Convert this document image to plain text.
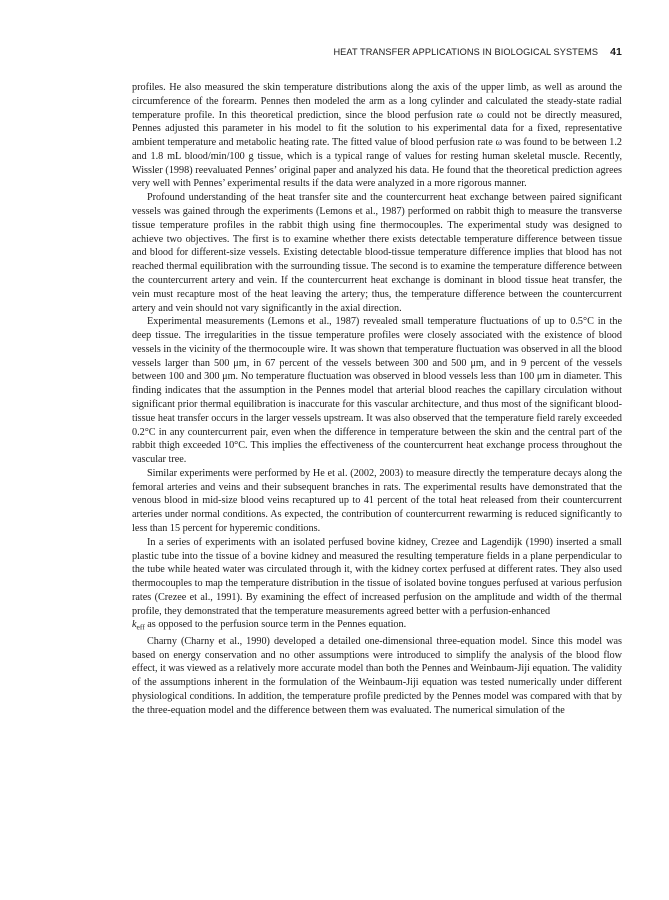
HEAT TRANSFER APPLICATIONS IN BIOLOGICAL SYSTEMS 41

profiles. He also measured the skin temperature distributions along the axis of the upper limb, as well as around the circumference of the forearm. Pennes then modeled the arm as a long cylinder and calculated the steady-state radial temperature profile. In this theoretical prediction, since the blood perfusion rate ω could not be directly measured, Pennes adjusted this parameter in his model to fit the solution to his experimental data for a fixed, representative ambient temperature and metabolic heating rate. The fitted value of blood perfusion rate ω was found to be between 1.2 and 1.8 mL blood/min/100 g tissue, which is a typical range of values for resting human skeletal muscle. Recently, Wissler (1998) reevaluated Pennes’ original paper and analyzed his data. He found that the theoretical prediction agrees very well with Pennes’ experimental results if the data were analyzed in a more rigorous manner.

Profound understanding of the heat transfer site and the countercurrent heat exchange between paired significant vessels was gained through the experiments (Lemons et al., 1987) performed on rabbit thigh to measure the transverse tissue temperature profiles in the rabbit thigh using fine thermocouples. The experimental study was designed to achieve two objectives. The first is to examine whether there exists detectable temperature difference between tissue and blood for different-size vessels. Existing detectable blood-tissue temperature difference implies that blood has not reached thermal equilibration with the surrounding tissue. The second is to examine the temperature difference between the countercurrent artery and vein. If the countercurrent heat exchange is dominant in blood tissue heat transfer, the vein must recapture most of the heat leaving the artery; thus, the temperature difference between the countercurrent artery and vein should not vary significantly in the axial direction.

Experimental measurements (Lemons et al., 1987) revealed small temperature fluctuations of up to 0.5°C in the deep tissue. The irregularities in the tissue temperature profiles were closely associated with the existence of blood vessels in the vicinity of the thermocouple wire. It was shown that temperature fluctuation was observed in all the blood vessels larger than 500 μm, in 67 percent of the vessels between 300 and 500 μm, and in 9 percent of the vessels between 100 and 300 μm. No temperature fluctuation was observed in blood vessels less than 100 μm in diameter. This finding indicates that the assumption in the Pennes model that arterial blood reaches the capillary circulation without significant prior thermal equilibration is inaccurate for this vascular architecture, and thus most of the significant blood-tissue heat transfer occurs in the larger vessels upstream. It was also observed that the temperature field rarely exceeded 0.2°C in any countercurrent pair, even when the difference in temperature between the skin and the central part of the rabbit thigh exceeded 10°C. This implies the effectiveness of the countercurrent heat exchange process throughout the vascular tree.

Similar experiments were performed by He et al. (2002, 2003) to measure directly the temperature decays along the femoral arteries and veins and their subsequent branches in rats. The experimental results have demonstrated that the venous blood in mid-size blood veins recaptured up to 41 percent of the total heat released from their countercurrent arteries under normal conditions. As expected, the contribution of countercurrent rewarming is reduced significantly to less than 15 percent for hyperemic conditions.

In a series of experiments with an isolated perfused bovine kidney, Crezee and Lagendijk (1990) inserted a small plastic tube into the tissue of a bovine kidney and measured the resulting temperature fields in a plane perpendicular to the tube while heated water was circulated through it, with the kidney cortex perfused at different rates. They also used thermocouples to map the temperature distribution in the tissue of isolated bovine tongues perfused at various perfusion rates (Crezee et al., 1991). By examining the effect of increased perfusion on the amplitude and width of the thermal profile, they demonstrated that the temperature measurements agreed better with a perfusion-enhanced

$k_{eff}$ as opposed to the perfusion source term in the Pennes equation.

Charny (Charny et al., 1990) developed a detailed one-dimensional three-equation model. Since this model was based on energy conservation and no other assumptions were introduced to simplify the analysis of the blood flow effect, it was viewed as a relatively more accurate model than both the Pennes and Weinbaum-Jiji equation. The validity of the assumptions inherent in the formulation of the Weinbaum-Jiji equation was tested numerically under different physiological conditions. In addition, the temperature profile predicted by the Pennes model was compared with that by the three-equation model and the difference between them was evaluated. The numerical simulation of the
